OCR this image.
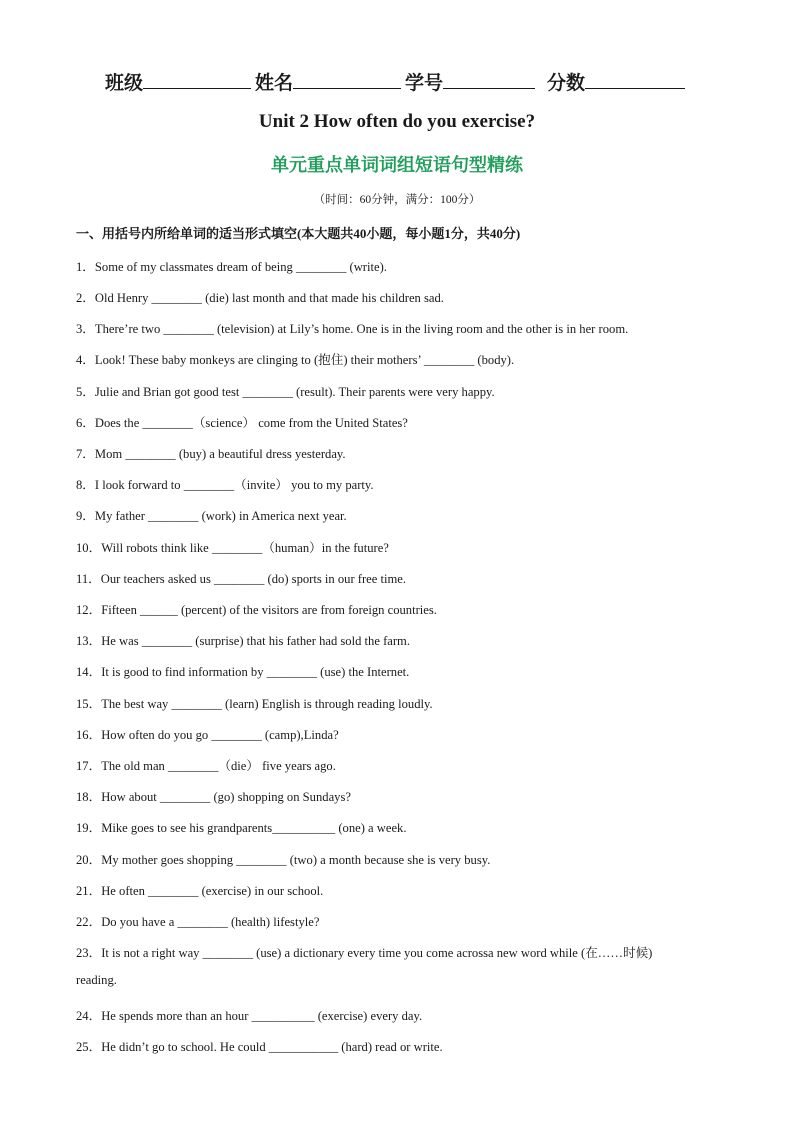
班级	姓名	学号	分数
Unit 2 How often do you exercise?
单元重点单词词组短语句型精练
（时间：60分钟，满分：100分）
一、用括号内所给单词的适当形式填空(本大题共40小题，每小题1分，共40分)
1．Some of my classmates dream of being ________ (write).
2．Old Henry ________ (die) last month and that made his children sad.
3．There’re two ________ (television) at Lily’s home. One is in the living room and the other is in her room.
4．Look! These baby monkeys are clinging to (抱住) their mothers’ ________ (body).
5．Julie and Brian got good test ________ (result). Their parents were very happy.
6．Does the ________（science） come from the United States?
7．Mom ________ (buy) a beautiful dress yesterday.
8．I look forward to ________（invite） you to my party.
9．My father ________ (work) in America next year.
10．Will robots think like ________（human）in the future?
11．Our teachers asked us ________ (do) sports in our free time.
12．Fifteen ______ (percent) of the visitors are from foreign countries.
13．He was ________ (surprise) that his father had sold the farm.
14．It is good to find information by ________ (use) the Internet.
15．The best way ________ (learn) English is through reading loudly.
16．How often do you go ________ (camp),Linda?
17．The old man ________（die） five years ago.
18．How about ________ (go) shopping on Sundays?
19．Mike goes to see his grandparents__________ (one) a week.
20．My mother goes shopping ________ (two) a month because she is very busy.
21．He often ________ (exercise) in our school.
22．Do you have a ________ (health) lifestyle?
23．It is not a right way ________ (use) a dictionary every time you come acrossa new word while (在……时候)
reading.
24．He spends more than an hour __________ (exercise) every day.
25．He didn’t go to school. He could ___________ (hard) read or write.
